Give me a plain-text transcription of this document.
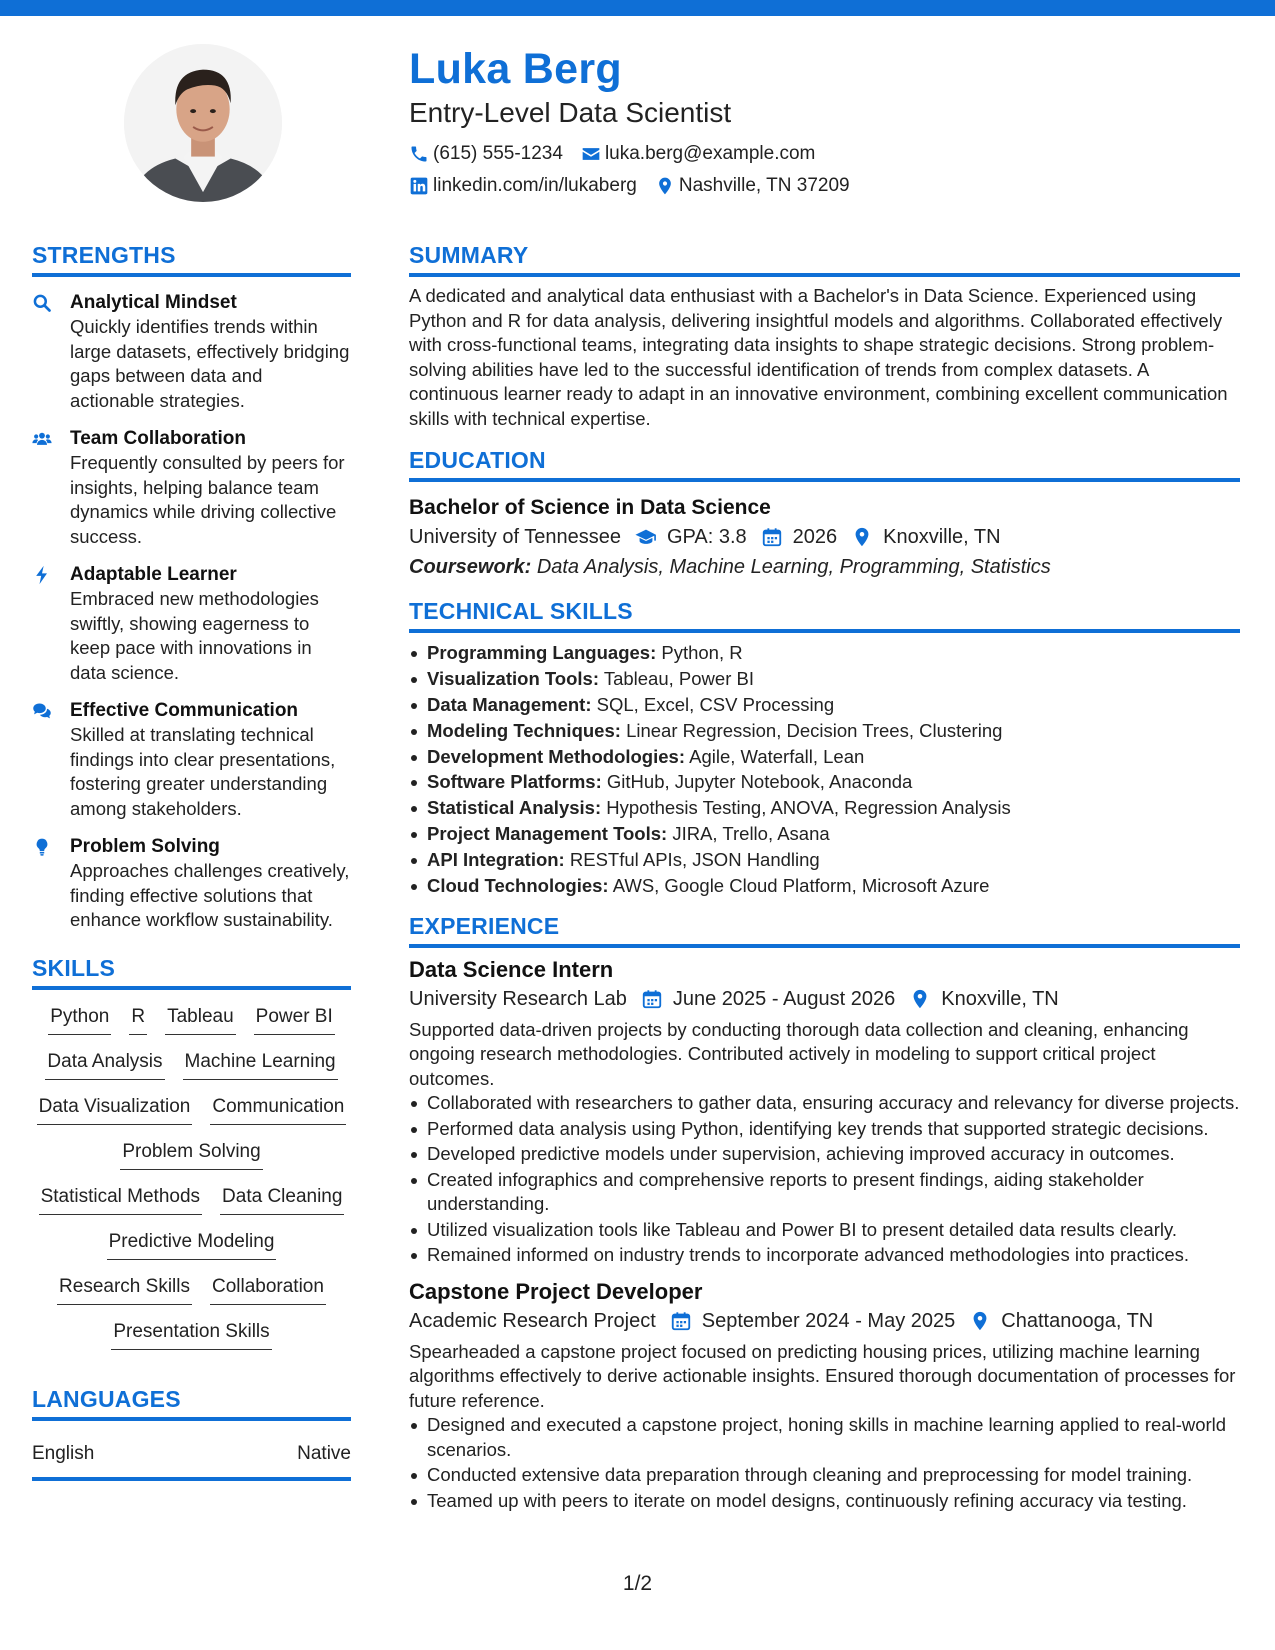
Luka Berg
Entry-Level Data Scientist
(615) 555-1234 luka.berg@example.com
linkedin.com/in/lukaberg Nashville, TN 37209
STRENGTHS
Analytical Mindset
Quickly identifies trends within large datasets, effectively bridging gaps between data and actionable strategies.
Team Collaboration
Frequently consulted by peers for insights, helping balance team dynamics while driving collective success.
Adaptable Learner
Embraced new methodologies swiftly, showing eagerness to keep pace with innovations in data science.
Effective Communication
Skilled at translating technical findings into clear presentations, fostering greater understanding among stakeholders.
Problem Solving
Approaches challenges creatively, finding effective solutions that enhance workflow sustainability.
SKILLS
Python R Tableau Power BI
Data Analysis Machine Learning
Data Visualization Communication
Problem Solving
Statistical Methods Data Cleaning
Predictive Modeling
Research Skills Collaboration
Presentation Skills
LANGUAGES
English	Native
SUMMARY
A dedicated and analytical data enthusiast with a Bachelor's in Data Science. Experienced using Python and R for data analysis, delivering insightful models and algorithms. Collaborated effectively with cross-functional teams, integrating data insights to shape strategic decisions. Strong problem-solving abilities have led to the successful identification of trends from complex datasets. A continuous learner ready to adapt in an innovative environment, combining excellent communication skills with technical expertise.
EDUCATION
Bachelor of Science in Data Science
University of Tennessee GPA: 3.8 2026 Knoxville, TN
Coursework: Data Analysis, Machine Learning, Programming, Statistics
TECHNICAL SKILLS
Programming Languages: Python, R
Visualization Tools: Tableau, Power BI
Data Management: SQL, Excel, CSV Processing
Modeling Techniques: Linear Regression, Decision Trees, Clustering
Development Methodologies: Agile, Waterfall, Lean
Software Platforms: GitHub, Jupyter Notebook, Anaconda
Statistical Analysis: Hypothesis Testing, ANOVA, Regression Analysis
Project Management Tools: JIRA, Trello, Asana
API Integration: RESTful APIs, JSON Handling
Cloud Technologies: AWS, Google Cloud Platform, Microsoft Azure
EXPERIENCE
Data Science Intern
University Research Lab June 2025 - August 2026 Knoxville, TN
Supported data-driven projects by conducting thorough data collection and cleaning, enhancing ongoing research methodologies. Contributed actively in modeling to support critical project outcomes.
Collaborated with researchers to gather data, ensuring accuracy and relevancy for diverse projects.
Performed data analysis using Python, identifying key trends that supported strategic decisions.
Developed predictive models under supervision, achieving improved accuracy in outcomes.
Created infographics and comprehensive reports to present findings, aiding stakeholder understanding.
Utilized visualization tools like Tableau and Power BI to present detailed data results clearly.
Remained informed on industry trends to incorporate advanced methodologies into practices.
Capstone Project Developer
Academic Research Project September 2024 - May 2025 Chattanooga, TN
Spearheaded a capstone project focused on predicting housing prices, utilizing machine learning algorithms effectively to derive actionable insights. Ensured thorough documentation of processes for future reference.
Designed and executed a capstone project, honing skills in machine learning applied to real-world scenarios.
Conducted extensive data preparation through cleaning and preprocessing for model training.
Teamed up with peers to iterate on model designs, continuously refining accuracy via testing.
1/2
